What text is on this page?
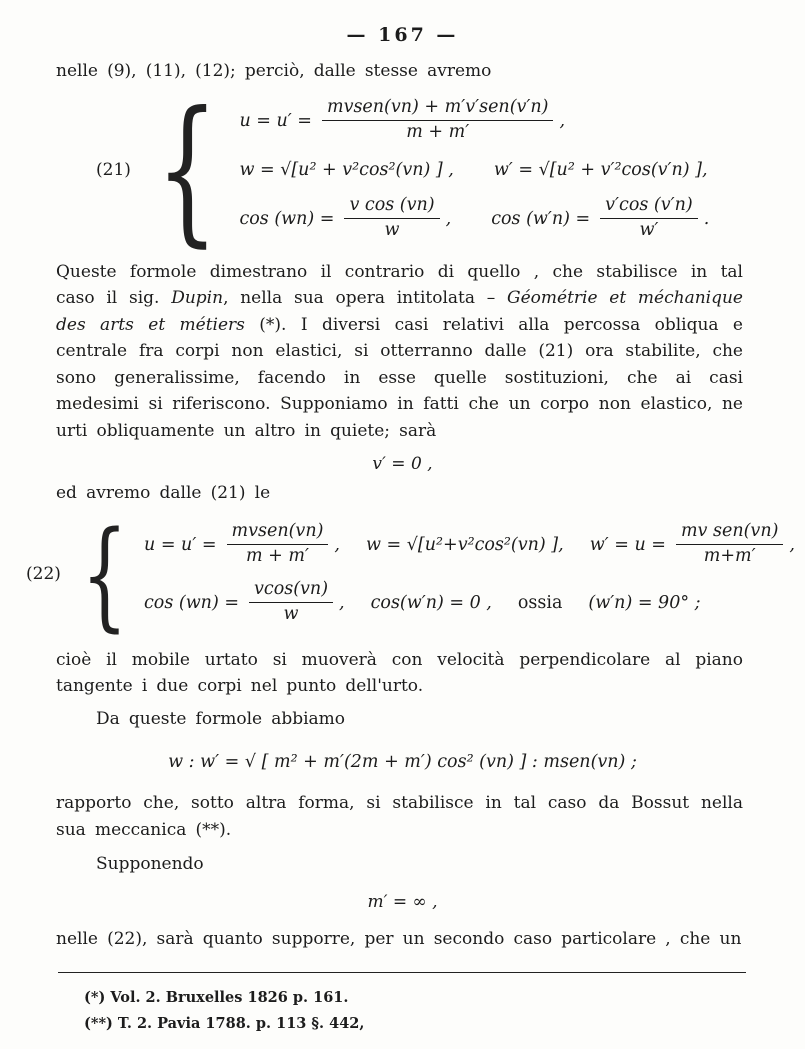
— 167 —

nelle (9), (11), (12); perciò, dalle stesse avremo

(21) { $u = u' = \frac{\text{mvsen(vn) + m′v′sen(v′n)}}{m + m'}$ ,
w = √[u² + v²cos²(vn) ] , w′ = √[u² + v′²cos(v′n) ],
$\cos (wn) = \frac{\text{v cos (vn)}}{w}$ , $\cos (w'n) = \frac{v'\cos (v'n)}{w'}$ .

Queste formole dimestrano il contrario di quello , che stabilisce in tal caso il sig. Dupin, nella sua opera intitolata – Géométrie et méchanique des arts et métiers (*). I diversi casi relativi alla percossa obliqua e centrale fra corpi non elastici, si otterranno dalle (21) ora stabilite, che sono generalissime, facendo in esse quelle sostituzioni, che ai casi medesimi si riferiscono. Supponiamo in fatti che un corpo non elastico, ne urti obliquamente un altro in quiete; sarà

v′ = 0 ,

ed avremo dalle (21) le

(22) { $u = u' = \frac{\text{mvsen(vn)}}{m + m'}$ , w = √[u²+v²cos²(vn) ], $w' = u = \frac{\text{mv sen(vn)}}{m+m'}$ ,
$\cos (wn) = \frac{vcos(vn)}{w}$ , cos(w′n) = 0 , ossia (w′n) = 90° ;

cioè il mobile urtato si muoverà con velocità perpendicolare al piano tangente i due corpi nel punto dell'urto.

Da queste formole abbiamo

w : w′ = √ [ m² + m′(2m + m′) cos² (vn) ] : msen(vn) ;

rapporto che, sotto altra forma, si stabilisce in tal caso da Bossut nella sua meccanica (**).

Supponendo

m′ = ∞ ,

nelle (22), sarà quanto supporre, per un secondo caso particolare , che un

(*) Vol. 2. Bruxelles 1826 p. 161.

(**) T. 2. Pavia 1788. p. 113 §. 442,
